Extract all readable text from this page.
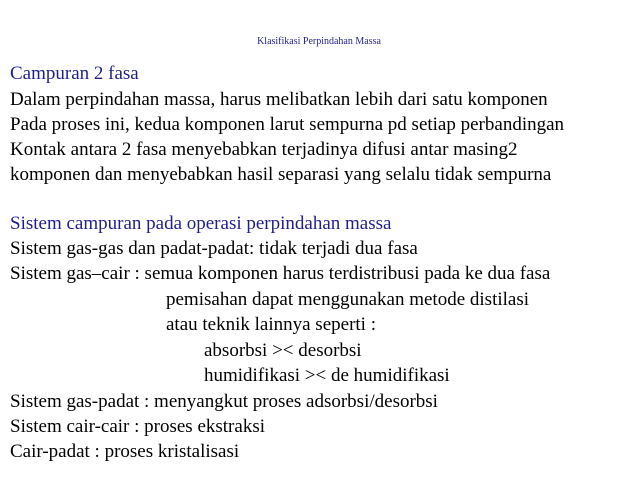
Klasifikasi Perpindahan Massa
Campuran 2 fasa
Dalam perpindahan massa, harus melibatkan lebih dari satu komponen
Pada proses ini, kedua komponen larut sempurna pd setiap perbandingan
Kontak antara 2 fasa menyebabkan terjadinya difusi antar masing2
komponen dan menyebabkan hasil separasi yang selalu tidak sempurna
Sistem campuran pada operasi perpindahan massa
Sistem gas-gas dan padat-padat: tidak terjadi dua fasa
Sistem gas–cair : semua komponen harus terdistribusi pada ke dua fasa
pemisahan dapat menggunakan metode distilasi
atau teknik lainnya seperti :
absorbsi >< desorbsi
humidifikasi >< de humidifikasi
Sistem gas-padat : menyangkut proses adsorbsi/desorbsi
Sistem cair-cair : proses ekstraksi
Cair-padat : proses kristalisasi
